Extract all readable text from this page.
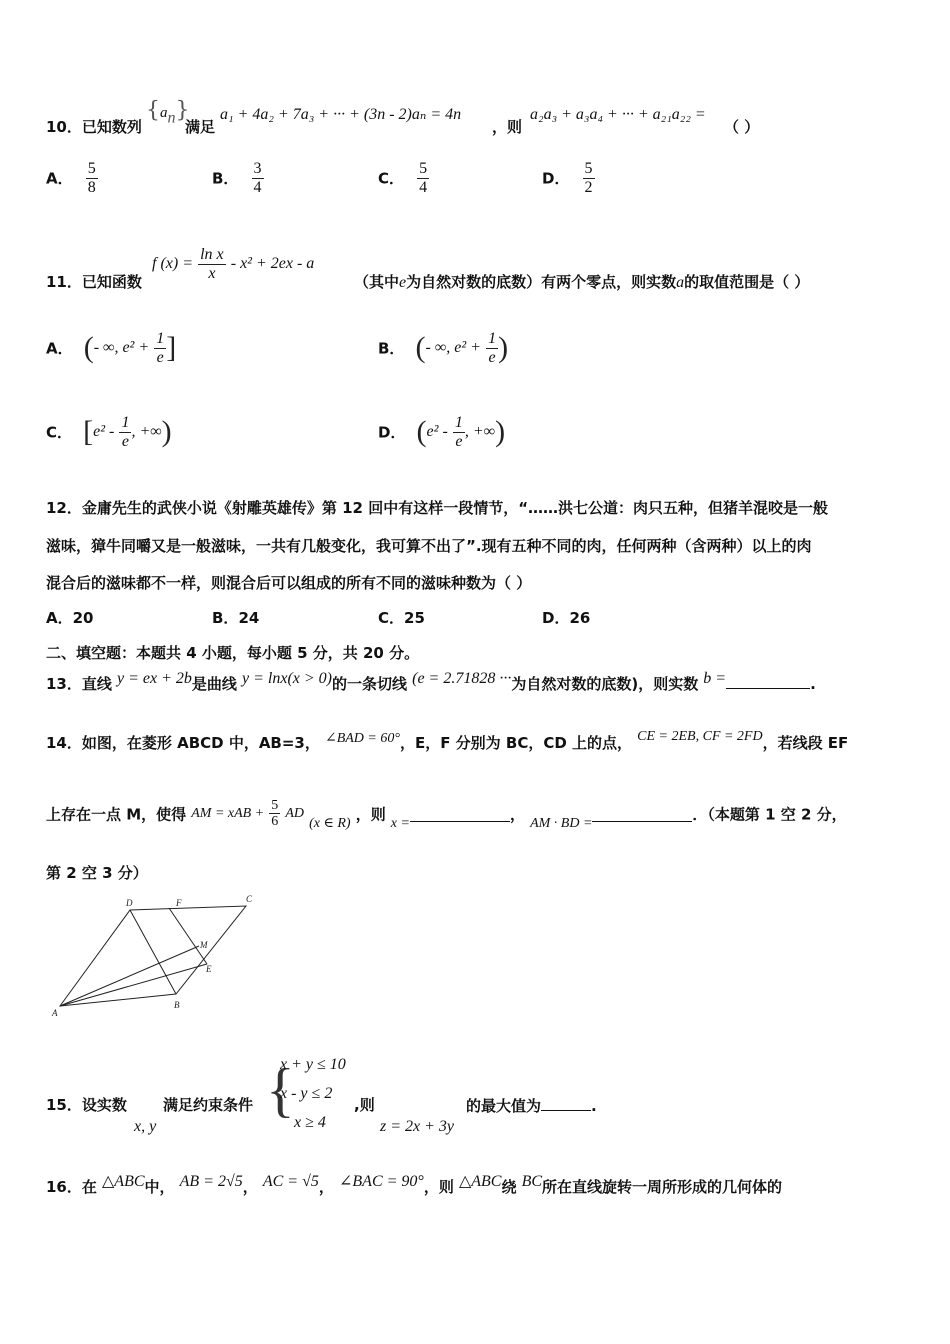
10．已知数列
$\{a_n\}$
满足
a₁ + 4a₂ + 7a₃ + ··· + (3n - 2)aₙ = 4n
，则
a₂a₃ + a₃a₄ + ··· + a₂₁a₂₂ =
（ ）
A． $\frac{5}{8}$	B． $\frac{3}{4}$	C． $\frac{5}{4}$	D． $\frac{5}{2}$
11．已知函数
f $(x) = \frac{\text{ln x}}{x} - x^2 + 2ex - a$
（其中e为自然对数的底数）有两个零点，则实数a的取值范围是（ ）
A． (- ∞, $e^2 + \frac{1}{e}$ ]	B． (- ∞, $e^2 + \frac{1}{e}$ )
C． [$e^2 - \frac{1}{e}$ , +∞)	D． ($e^2 - \frac{1}{e}$ , +∞)
12．金庸先生的武侠小说《射雕英雄传》第 12 回中有这样一段情节，“……洪七公道：肉只五种，但猪羊混咬是一般
滋味，獐牛同嚼又是一般滋味，一共有几般变化，我可算不出了”.现有五种不同的肉，任何两种（含两种）以上的肉
混合后的滋味都不一样，则混合后可以组成的所有不同的滋味种数为（ ）
A．20	B．24	C．25	D．26
二、填空题：本题共 4 小题，每小题 5 分，共 20 分。
13．直线 y = ex + 2b是曲线 y = lnx(x > 0)的一条切线 (e = 2.71828 ···为自然对数的底数)，则实数 b =	.
14．如图，在菱形 ABCD 中，AB=3， ∠BAD = 60°，E，F 分别为 BC，CD 上的点， CE = 2EB, CF = 2FD，若线段 EF
上存在一点 M，使得 AM = xAB + $\frac{5}{6}$ AD (x ∈ R) ，则 x =	， AM · BD =	．（本题第 1 空 2 分，
第 2 空 3 分）
A
B
C
D
E
F
M
15．设实数
x, y
满足约束条件 {
x + y ≤ 10
x - y ≤ 2
x ≥ 4
,则
z = 2x + 3y
的最大值为	.
16．在 △ABC中， AB = 2√5， AC = √5， ∠BAC = 90°，则 △ABC绕 BC所在直线旋转一周所形成的几何体的
